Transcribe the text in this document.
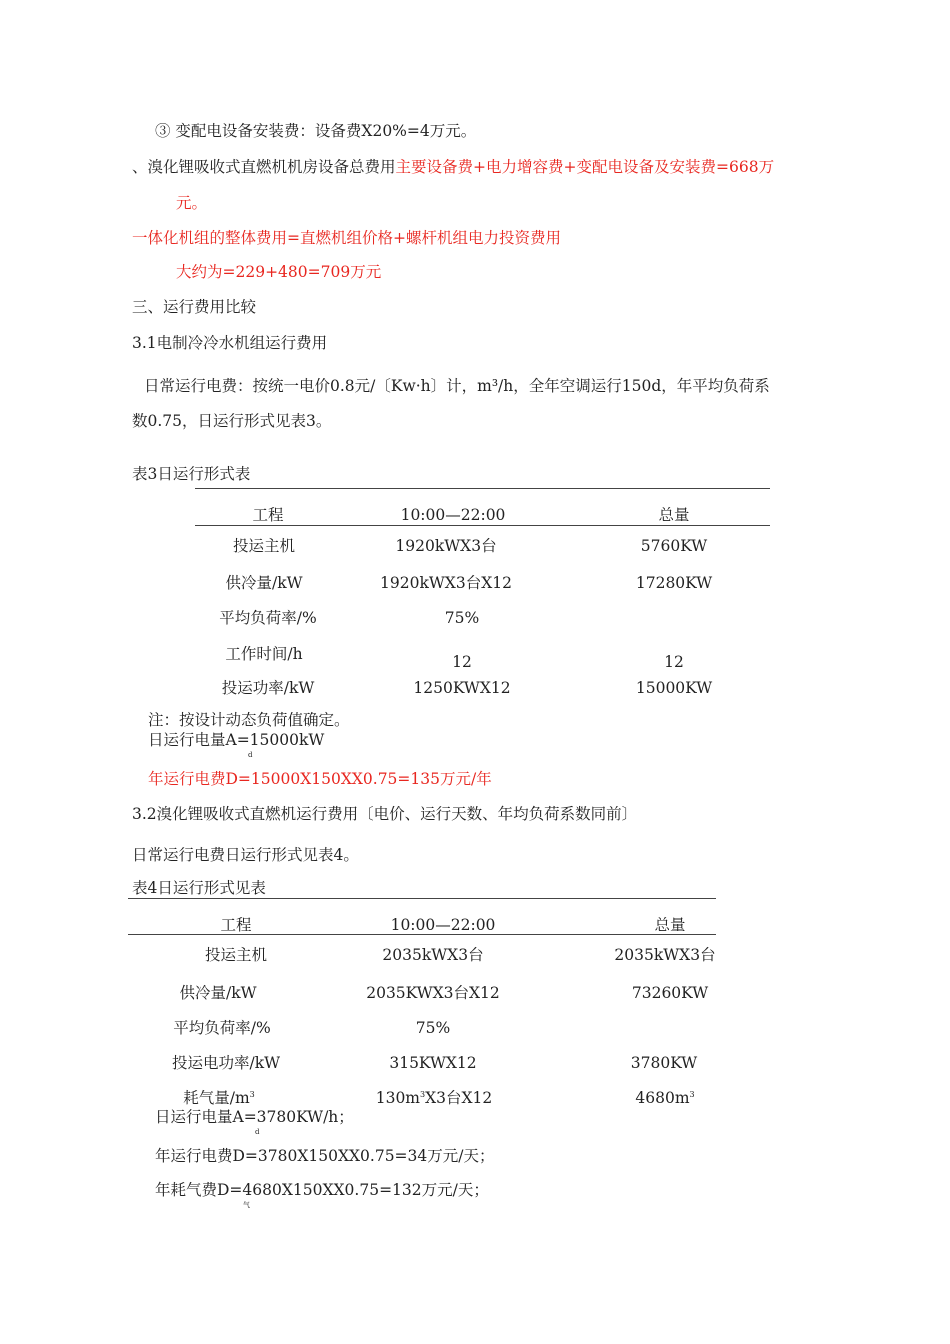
③ 变配电设备安装费：设备费X20%=4万元。
、溴化锂吸收式直燃机机房设备总费用主要设备费+电力增容费+变配电设备及安装费=668万
元。
一体化机组的整体费用=直燃机组价格+螺杆机组电力投资费用
大约为=229+480=709万元
三、运行费用比较
3.1电制冷冷水机组运行费用
日常运行电费：按统一电价0.8元/〔Kw·h〕计，m³/h，全年空调运行150d，年平均负荷系
数0.75，日运行形式见表3。
表3日运行形式表
工程	10:00—22:00	总量
投运主机	1920kWX3台	5760KW
供冷量/kW	1920kWX3台X12	17280KW
平均负荷率/%	75%
工作时间/h	12	12
投运功率/kW	1250KWX12	15000KW
注：按设计动态负荷值确定。
日运行电量A=15000kW
d
年运行电费D=15000X150XX0.75=135万元/年
3.2溴化锂吸收式直燃机运行费用〔电价、运行天数、年均负荷系数同前〕
日常运行电费日运行形式见表4。
表4日运行形式见表
工程	10:00—22:00	总量
投运主机	2035kWX3台	2035kWX3台
供冷量/kW	2035KWX3台X12	73260KW
平均负荷率/%	75%
投运电功率/kW	315KWX12	3780KW
耗气量$/m^3$	$130m^3X3$台X12	$4680m^3$
日运行电量A=3780KW/h；
d
年运行电费D=3780X150XX0.75=34万元/天；
年耗气费D=4680X150XX0.75=132万元/天；
气
